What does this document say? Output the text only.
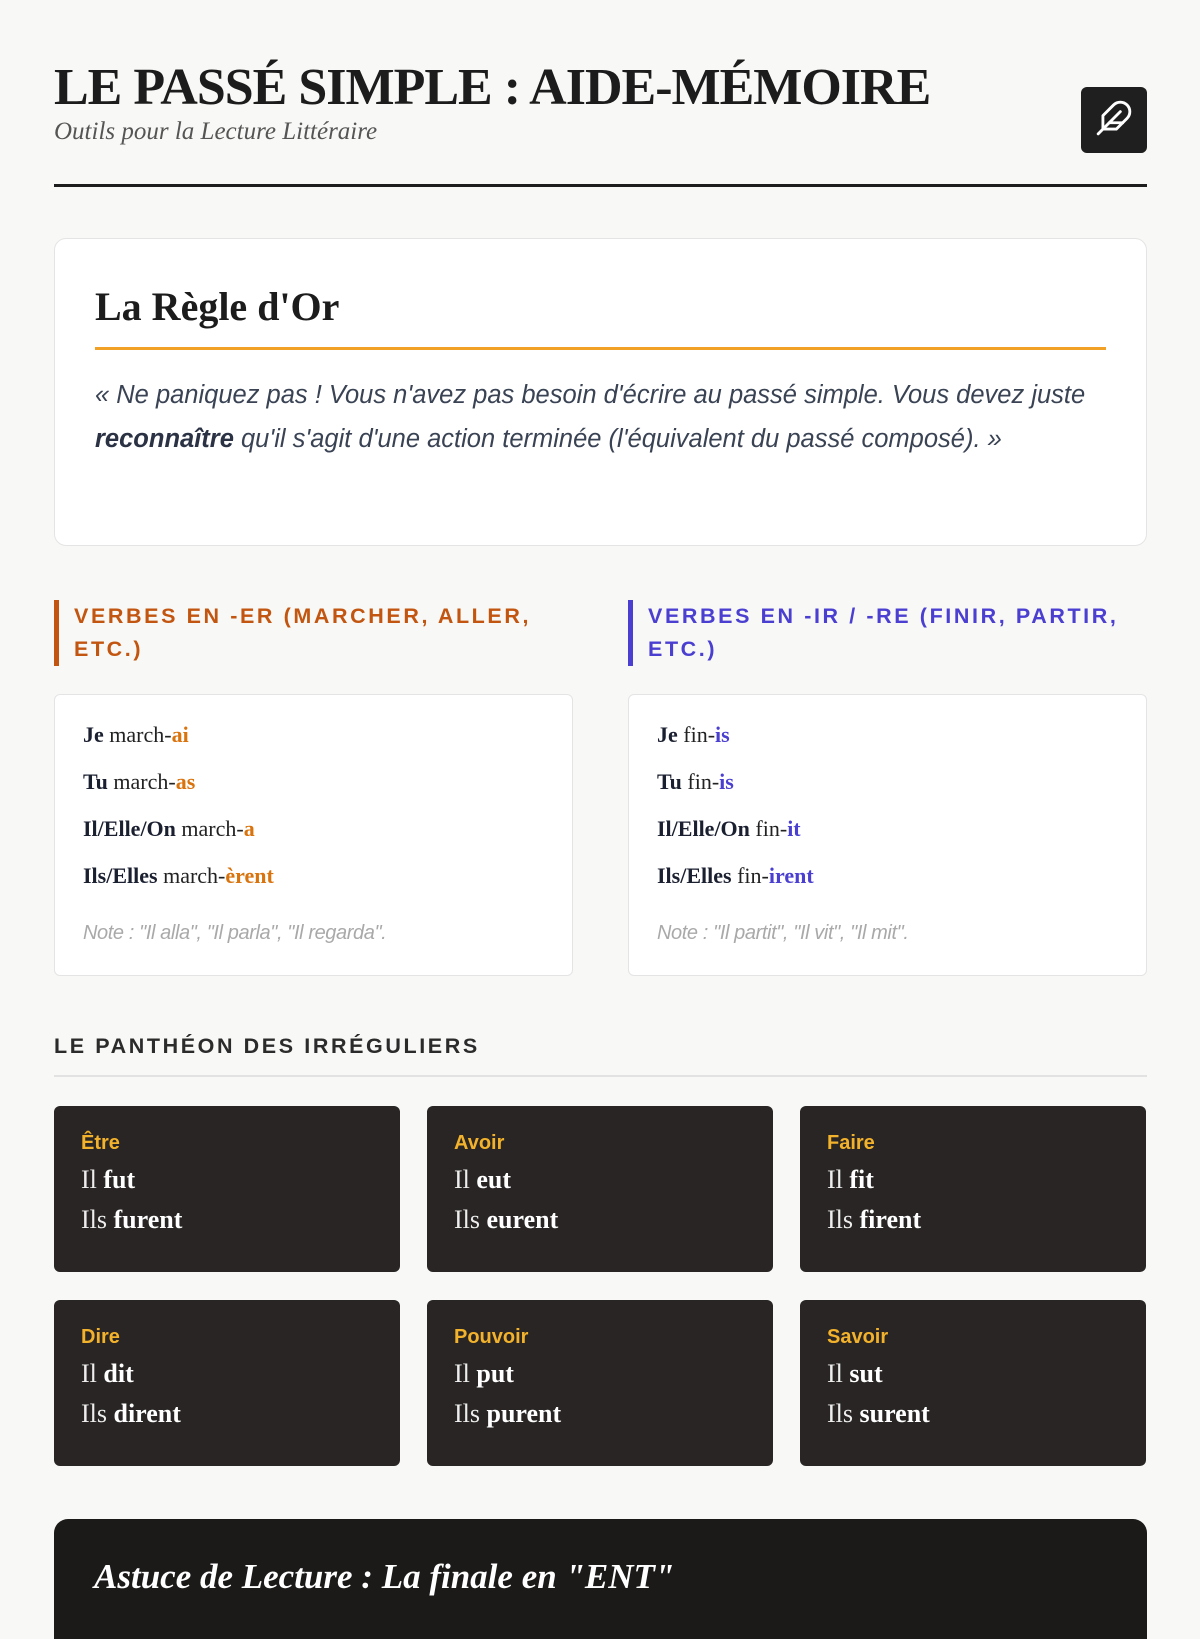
LE PASSÉ SIMPLE : AIDE-MÉMOIRE
Outils pour la Lecture Littéraire
La Règle d'Or
« Ne paniquez pas ! Vous n'avez pas besoin d'écrire au passé simple. Vous devez juste reconnaître qu'il s'agit d'une action terminée (l'équivalent du passé composé). »
VERBES EN -ER (MARCHER, ALLER, ETC.)
Je march-ai
Tu march-as
Il/Elle/On march-a
Ils/Elles march-èrent
Note : "Il alla", "Il parla", "Il regarda".
VERBES EN -IR / -RE (FINIR, PARTIR, ETC.)
Je fin-is
Tu fin-is
Il/Elle/On fin-it
Ils/Elles fin-irent
Note : "Il partit", "Il vit", "Il mit".
LE PANTHÉON DES IRRÉGULIERS
Être
Il fut
Ils furent
Avoir
Il eut
Ils eurent
Faire
Il fit
Ils firent
Dire
Il dit
Ils dirent
Pouvoir
Il put
Ils purent
Savoir
Il sut
Ils surent
Astuce de Lecture : La finale en "ENT"
